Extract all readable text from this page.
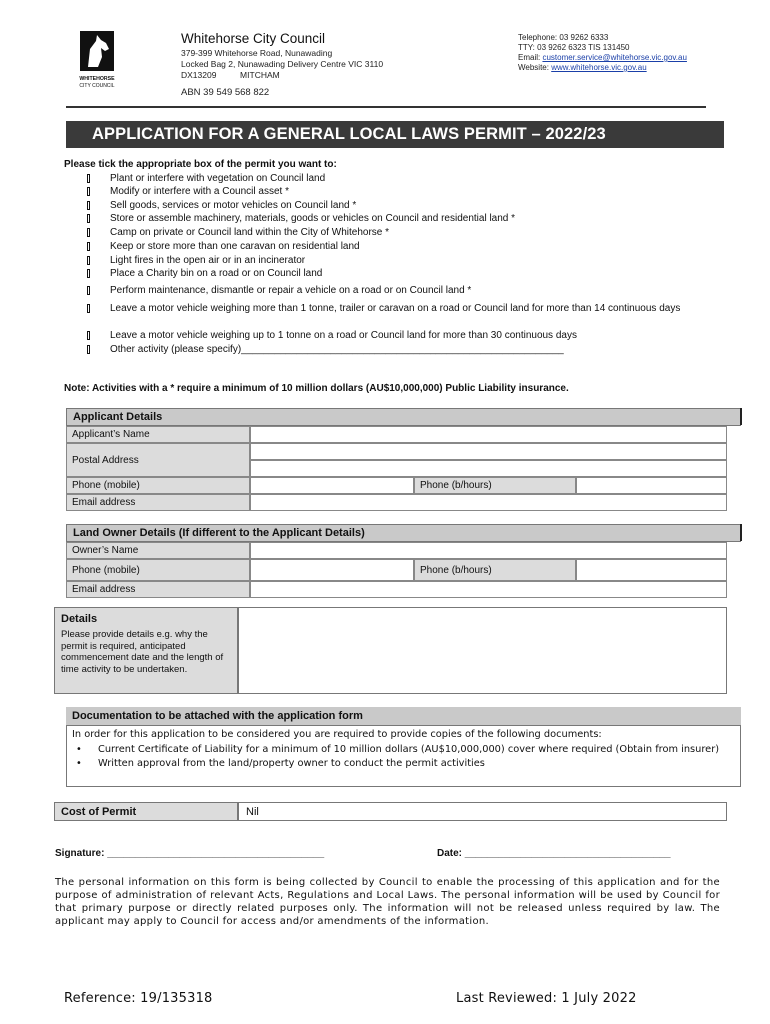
WHITEHORSE
CITY COUNCIL
Whitehorse City Council
379-399 Whitehorse Road, Nunawading
Locked Bag 2, Nunawading Delivery Centre VIC 3110
DX13209          MITCHAM
ABN 39 549 568 822
Telephone: 03 9262 6333
TTY: 03 9262 6323 TIS 131450
Email: customer.service@whitehorse.vic.gov.au
Website: www.whitehorse.vic.gov.au
APPLICATION FOR A GENERAL LOCAL LAWS PERMIT – 2022/23
Please tick the appropriate box of the permit you want to:
Plant or interfere with vegetation on Council land
Modify or interfere with a Council asset *
Sell goods, services or motor vehicles on Council land *
Store or assemble machinery, materials, goods or vehicles on Council and residential land *
Camp on private or Council land within the City of Whitehorse *
Keep or store more than one caravan on residential land
Light fires in the open air or in an incinerator
Place a Charity bin on a road or on Council land
Perform maintenance, dismantle or repair a vehicle on a road or on Council land *
Leave a motor vehicle weighing more than 1 tonne, trailer or caravan on a road or Council land for more than 14 continuous days
Leave a motor vehicle weighing up to 1 tonne on a road or Council land for more than 30 continuous days
Other activity (please specify)__________________________________________________________
Note: Activities with a * require a minimum of 10 million dollars (AU$10,000,000) Public Liability insurance.
Applicant Details
Applicant’s Name
Postal Address
Phone (mobile)	Phone (b/hours)
Email address
Land Owner Details (If different to the Applicant Details)
Owner’s Name
Phone (mobile)	Phone (b/hours)
Email address
Details
Please provide details e.g. why the permit is required, anticipated commencement date and the length of time activity to be undertaken.
Documentation to be attached with the application form
In order for this application to be considered you are required to provide copies of the following documents:
•	Current Certificate of Liability for a minimum of 10 million dollars (AU$10,000,000) cover where required (Obtain from insurer)
•	Written approval from the land/property owner to conduct the permit activities
Cost of Permit	Nil
Signature: _______________________________________	Date: _____________________________________
The personal information on this form is being collected by Council to enable the processing of this application and for the purpose of administration of relevant Acts, Regulations and Local Laws. The personal information will be used by Council for that primary purpose or directly related purposes only. The information will not be released unless required by law. The applicant may apply to Council for access and/or amendments of the information.
Reference: 19/135318	Last Reviewed: 1 July 2022
